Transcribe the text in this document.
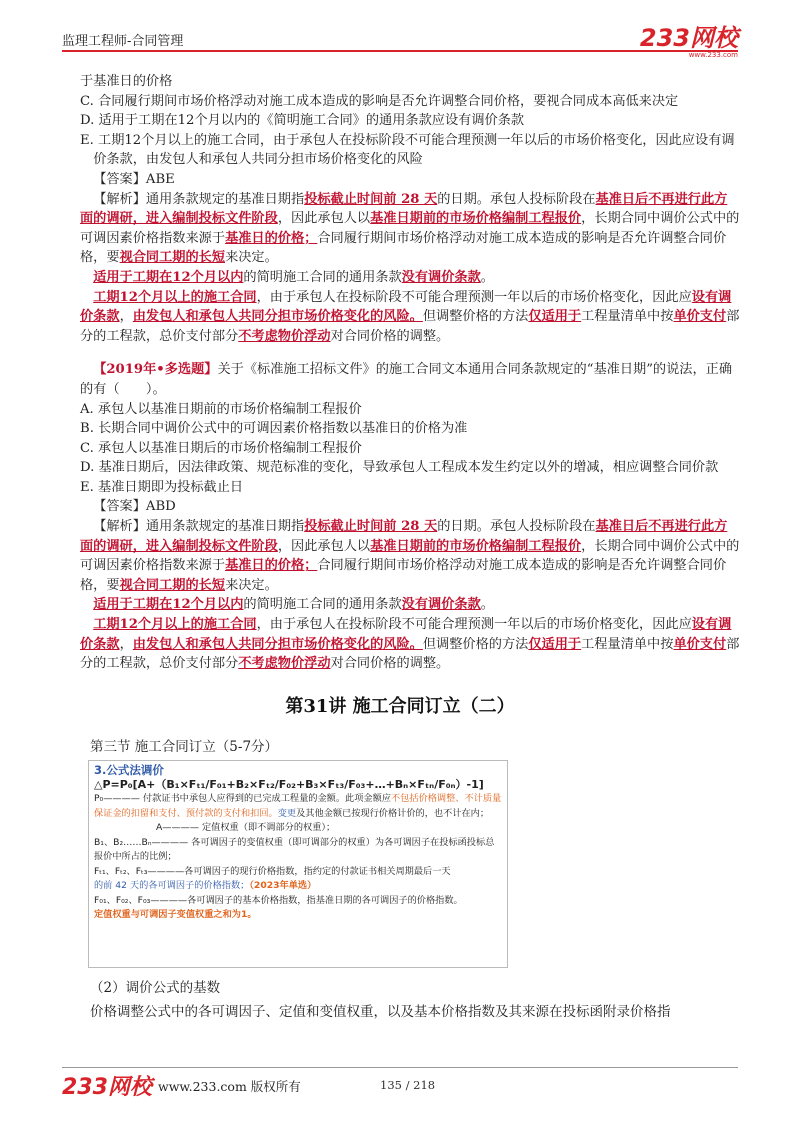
监理工程师-合同管理	233网校
www.233.com

于基准日的价格

C. 合同履行期间市场价格浮动对施工成本造成的影响是否允许调整合同价格，要视合同成本高低来决定

D. 适用于工期在12个月以内的《简明施工合同》的通用条款应设有调价条款

E. 工期12个月以上的施工合同，由于承包人在投标阶段不可能合理预测一年以后的市场价格变化，因此应设有调价条款，由发包人和承包人共同分担市场价格变化的风险

【答案】ABE

【解析】通用条款规定的基准日期指投标截止时间前 28 天的日期。承包人投标阶段在基准日后不再进行此方面的调研，进入编制投标文件阶段，因此承包人以基准日期前的市场价格编制工程报价，长期合同中调价公式中的可调因素价格指数来源于基准日的价格；合同履行期间市场价格浮动对施工成本造成的影响是否允许调整合同价格，要视合同工期的长短来决定。

适用于工期在12个月以内的简明施工合同的通用条款没有调价条款。

工期12个月以上的施工合同，由于承包人在投标阶段不可能合理预测一年以后的市场价格变化，因此应设有调价条款，由发包人和承包人共同分担市场价格变化的风险。但调整价格的方法仅适用于工程量清单中按单价支付部分的工程款，总价支付部分不考虑物价浮动对合同价格的调整。

【2019年•多选题】关于《标准施工招标文件》的施工合同文本通用合同条款规定的“基准日期”的说法，正确的有（　　）。

A. 承包人以基准日期前的市场价格编制工程报价

B. 长期合同中调价公式中的可调因素价格指数以基准日的价格为准

C. 承包人以基准日期后的市场价格编制工程报价

D. 基准日期后，因法律政策、规范标准的变化，导致承包人工程成本发生约定以外的增减，相应调整合同价款

E. 基准日期即为投标截止日

【答案】ABD

【解析】通用条款规定的基准日期指投标截止时间前 28 天的日期。承包人投标阶段在基准日后不再进行此方面的调研，进入编制投标文件阶段，因此承包人以基准日期前的市场价格编制工程报价，长期合同中调价公式中的可调因素价格指数来源于基准日的价格；合同履行期间市场价格浮动对施工成本造成的影响是否允许调整合同价格，要视合同工期的长短来决定。

适用于工期在12个月以内的简明施工合同的通用条款没有调价条款。

工期12个月以上的施工合同，由于承包人在投标阶段不可能合理预测一年以后的市场价格变化，因此应设有调价条款，由发包人和承包人共同分担市场价格变化的风险。但调整价格的方法仅适用于工程量清单中按单价支付部分的工程款，总价支付部分不考虑物价浮动对合同价格的调整。

第31讲 施工合同订立（二）
第三节 施工合同订立（5-7分）
3.公式法调价
△P=P₀[A+（B₁×Fₜ₁/F₀₁+B₂×Fₜ₂/F₀₂+B₃×Fₜ₃/F₀₃+…+Bₙ×Fₜₙ/F₀ₙ）-1]
P₀———— 付款证书中承包人应得到的已完成工程量的金额。此项金额应不包括价格调整、不计质量保证金的扣留和支付、预付款的支付和扣回。变更及其他金额已按现行价格计价的，也不计在内；
A———— 定值权重（即不调部分的权重）；
B₁、B₂……Bₙ———— 各可调因子的变值权重（即可调部分的权重）为各可调因子在投标函投标总报价中所占的比例；
Fₜ₁、Fₜ₂、Fₜ₃————各可调因子的现行价格指数，指约定的付款证书相关周期最后一天
的前 42 天的各可调因子的价格指数；（2023年单选）
F₀₁、F₀₂、F₀₃————各可调因子的基本价格指数，指基准日期的各可调因子的价格指数。
定值权重与可调因子变值权重之和为1。
（2）调价公式的基数
价格调整公式中的各可调因子、定值和变值权重，以及基本价格指数及其来源在投标函附录价格指
233网校 www.233.com 版权所有	135 / 218
